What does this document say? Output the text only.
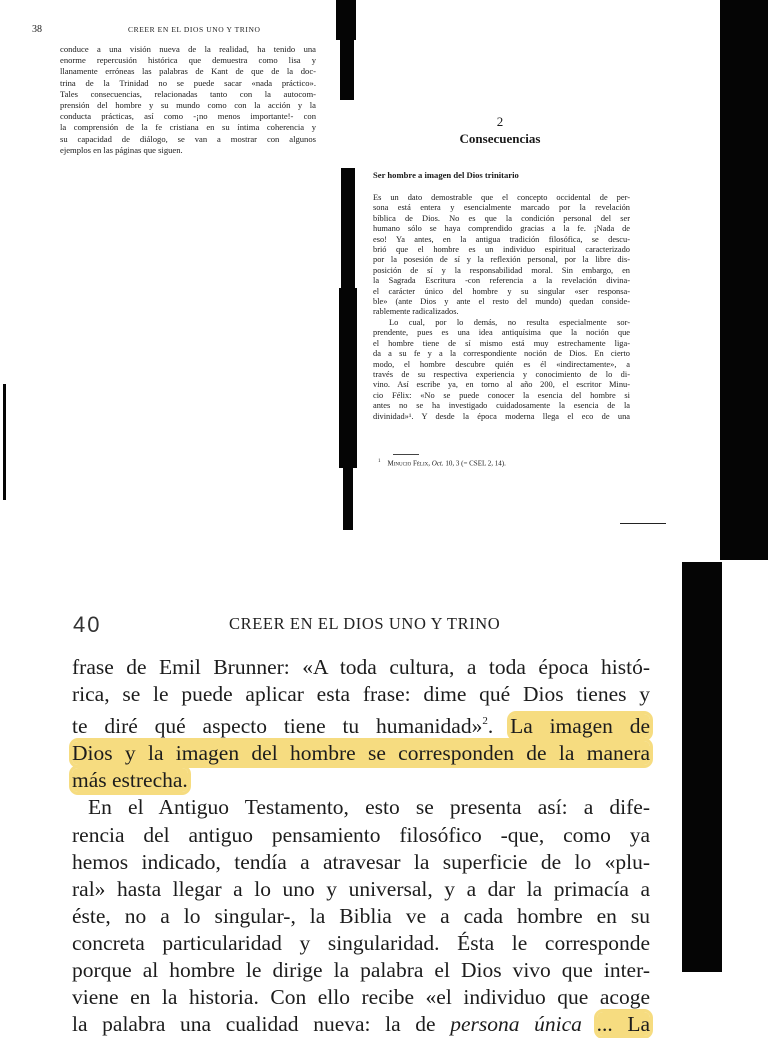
38	CREER EN EL DIOS UNO Y TRINO
conduce a una visión nueva de la realidad, ha tenido una
enorme repercusión histórica que demuestra como lisa y
llanamente erróneas las palabras de Kant de que de la doc-
trina de la Trinidad no se puede sacar «nada práctico».
Tales consecuencias, relacionadas tanto con la autocom-
prensión del hombre y su mundo como con la acción y la
conducta prácticas, así como -¡no menos importante!- con
la comprensión de la fe cristiana en su íntima coherencia y
su capacidad de diálogo, se van a mostrar con algunos
ejemplos en las páginas que siguen.
2
Consecuencias
Ser hombre a imagen del Dios trinitario
Es un dato demostrable que el concepto occidental de per-
sona está entera y esencialmente marcado por la revelación
bíblica de Dios. No es que la condición personal del ser
humano sólo se haya comprendido gracias a la fe. ¡Nada de
eso! Ya antes, en la antigua tradición filosófica, se descu-
brió que el hombre es un individuo espiritual caracterizado
por la posesión de sí y la reflexión personal, por la libre dis-
posición de sí y la responsabilidad moral. Sin embargo, en
la Sagrada Escritura -con referencia a la revelación divina-
el carácter único del hombre y su singular «ser responsa-
ble» (ante Dios y ante el resto del mundo) quedan conside-
rablemente radicalizados.
Lo cual, por lo demás, no resulta especialmente sor-
prendente, pues es una idea antiquísima que la noción que
el hombre tiene de sí mismo está muy estrechamente liga-
da a su fe y a la correspondiente noción de Dios. En cierto
modo, el hombre descubre quién es él «indirectamente», a
través de su respectiva experiencia y conocimiento de lo di-
vino. Así escribe ya, en torno al año 200, el escritor Minu-
cio Félix: «No se puede conocer la esencia del hombre si
antes no se ha investigado cuidadosamente la esencia de la
divinidad»¹. Y desde la época moderna llega el eco de una
$^1$ Minucio Félix, Oct. 10, 3 (= CSEL 2, 14).
40	CREER EN EL DIOS UNO Y TRINO
frase de Emil Brunner: «A toda cultura, a toda época histó-
rica, se le puede aplicar esta frase: dime qué Dios tienes y
te diré qué aspecto tiene tu humanidad»$^2$. La imagen de
Dios y la imagen del hombre se corresponden de la manera
más estrecha.
En el Antiguo Testamento, esto se presenta así: a dife-
rencia del antiguo pensamiento filosófico -que, como ya
hemos indicado, tendía a atravesar la superficie de lo «plu-
ral» hasta llegar a lo uno y universal, y a dar la primacía a
éste, no a lo singular-, la Biblia ve a cada hombre en su
concreta particularidad y singularidad. Ésta le corresponde
porque al hombre le dirige la palabra el Dios vivo que inter-
viene en la historia. Con ello recibe «el individuo que acoge
la palabra una cualidad nueva: la de persona única ... La
